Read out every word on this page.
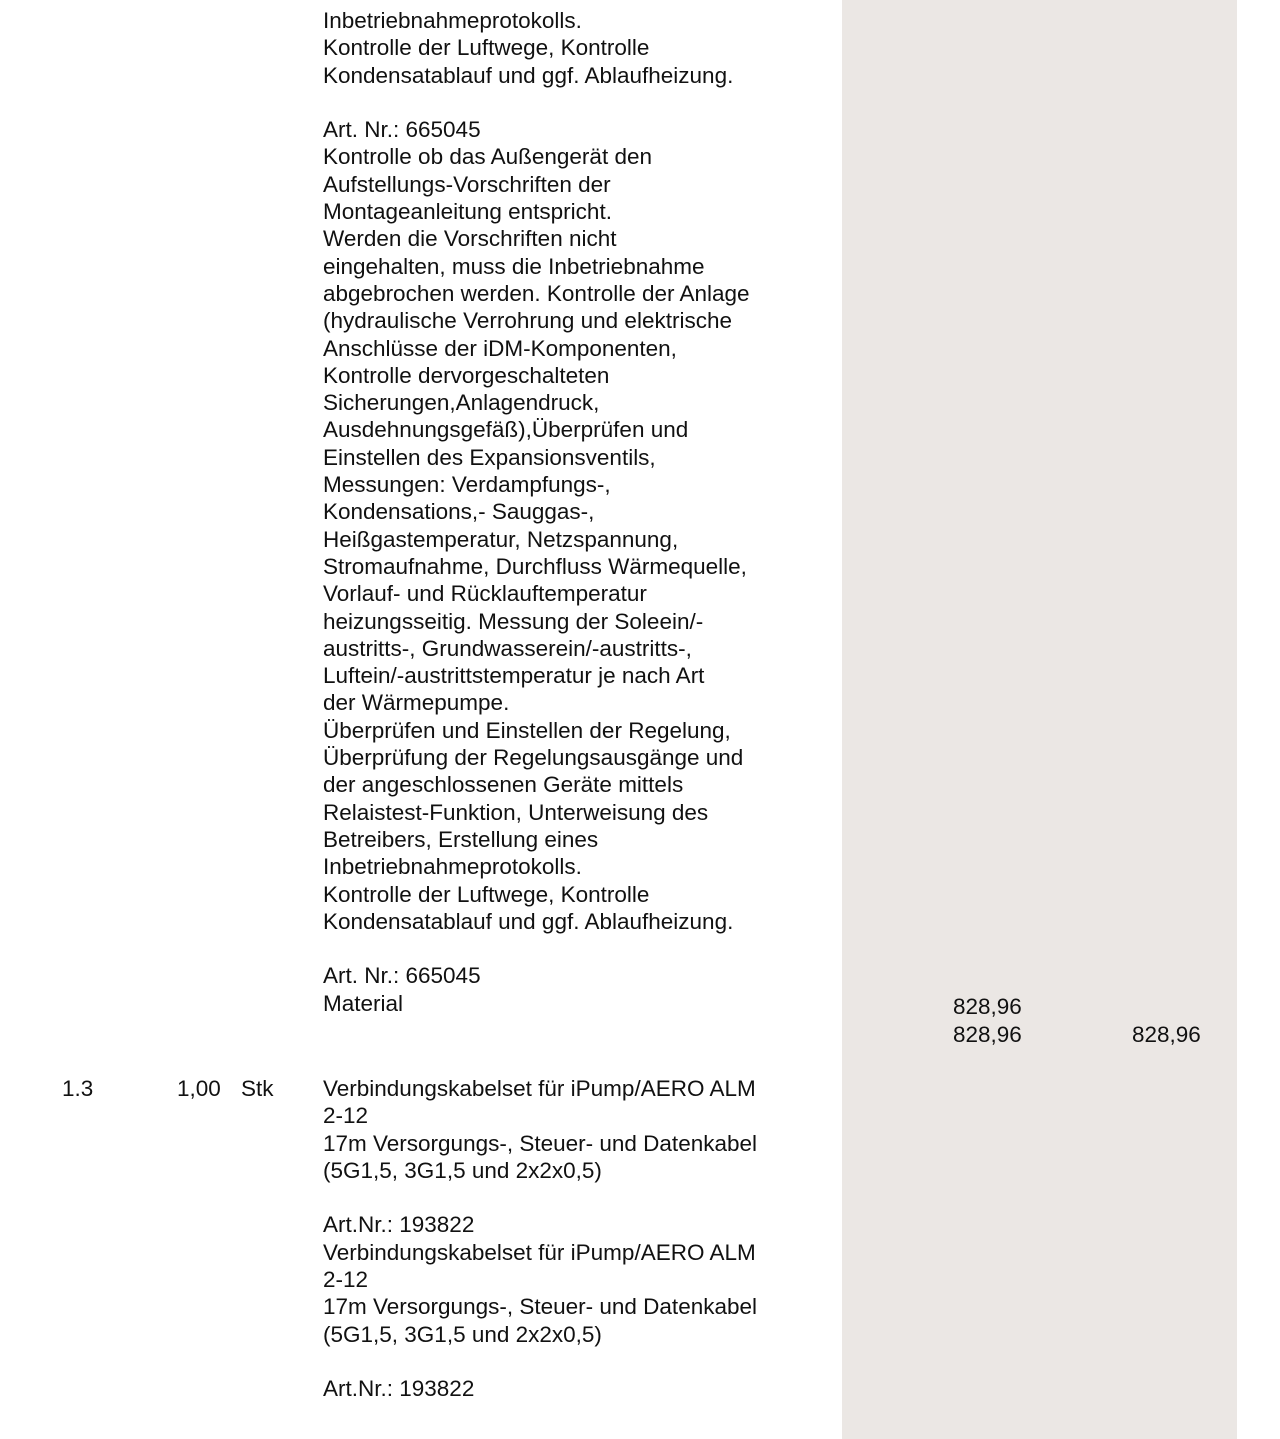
Inbetriebnahmeprotokolls.
Kontrolle der Luftwege, Kontrolle
Kondensatablauf und ggf. Ablaufheizung.
Art. Nr.: 665045
Kontrolle ob das Außengerät den
Aufstellungs-Vorschriften der
Montageanleitung entspricht.
Werden die Vorschriften nicht
eingehalten, muss die Inbetriebnahme
abgebrochen werden. Kontrolle der Anlage
(hydraulische Verrohrung und elektrische
Anschlüsse der iDM-Komponenten,
Kontrolle dervorgeschalteten
Sicherungen,Anlagendruck,
Ausdehnungsgefäß),Überprüfen und
Einstellen des Expansionsventils,
Messungen: Verdampfungs-,
Kondensations,- Sauggas-,
Heißgastemperatur, Netzspannung,
Stromaufnahme, Durchfluss Wärmequelle,
Vorlauf- und Rücklauftemperatur
heizungsseitig. Messung der Soleein/-
austritts-, Grundwasserein/-austritts-,
Luftein/-austrittstemperatur je nach Art
der Wärmepumpe.
Überprüfen und Einstellen der Regelung,
Überprüfung der Regelungsausgänge und
der angeschlossenen Geräte mittels
Relaistest-Funktion, Unterweisung des
Betreibers, Erstellung eines
Inbetriebnahmeprotokolls.
Kontrolle der Luftwege, Kontrolle
Kondensatablauf und ggf. Ablaufheizung.
Art. Nr.: 665045
Material	828,96
828,96	828,96
1.3	1,00 Stk Verbindungskabelset für iPump/AERO ALM
2-12
17m Versorgungs-, Steuer- und Datenkabel
(5G1,5, 3G1,5 und 2x2x0,5)
Art.Nr.: 193822
Verbindungskabelset für iPump/AERO ALM
2-12
17m Versorgungs-, Steuer- und Datenkabel
(5G1,5, 3G1,5 und 2x2x0,5)
Art.Nr.: 193822
